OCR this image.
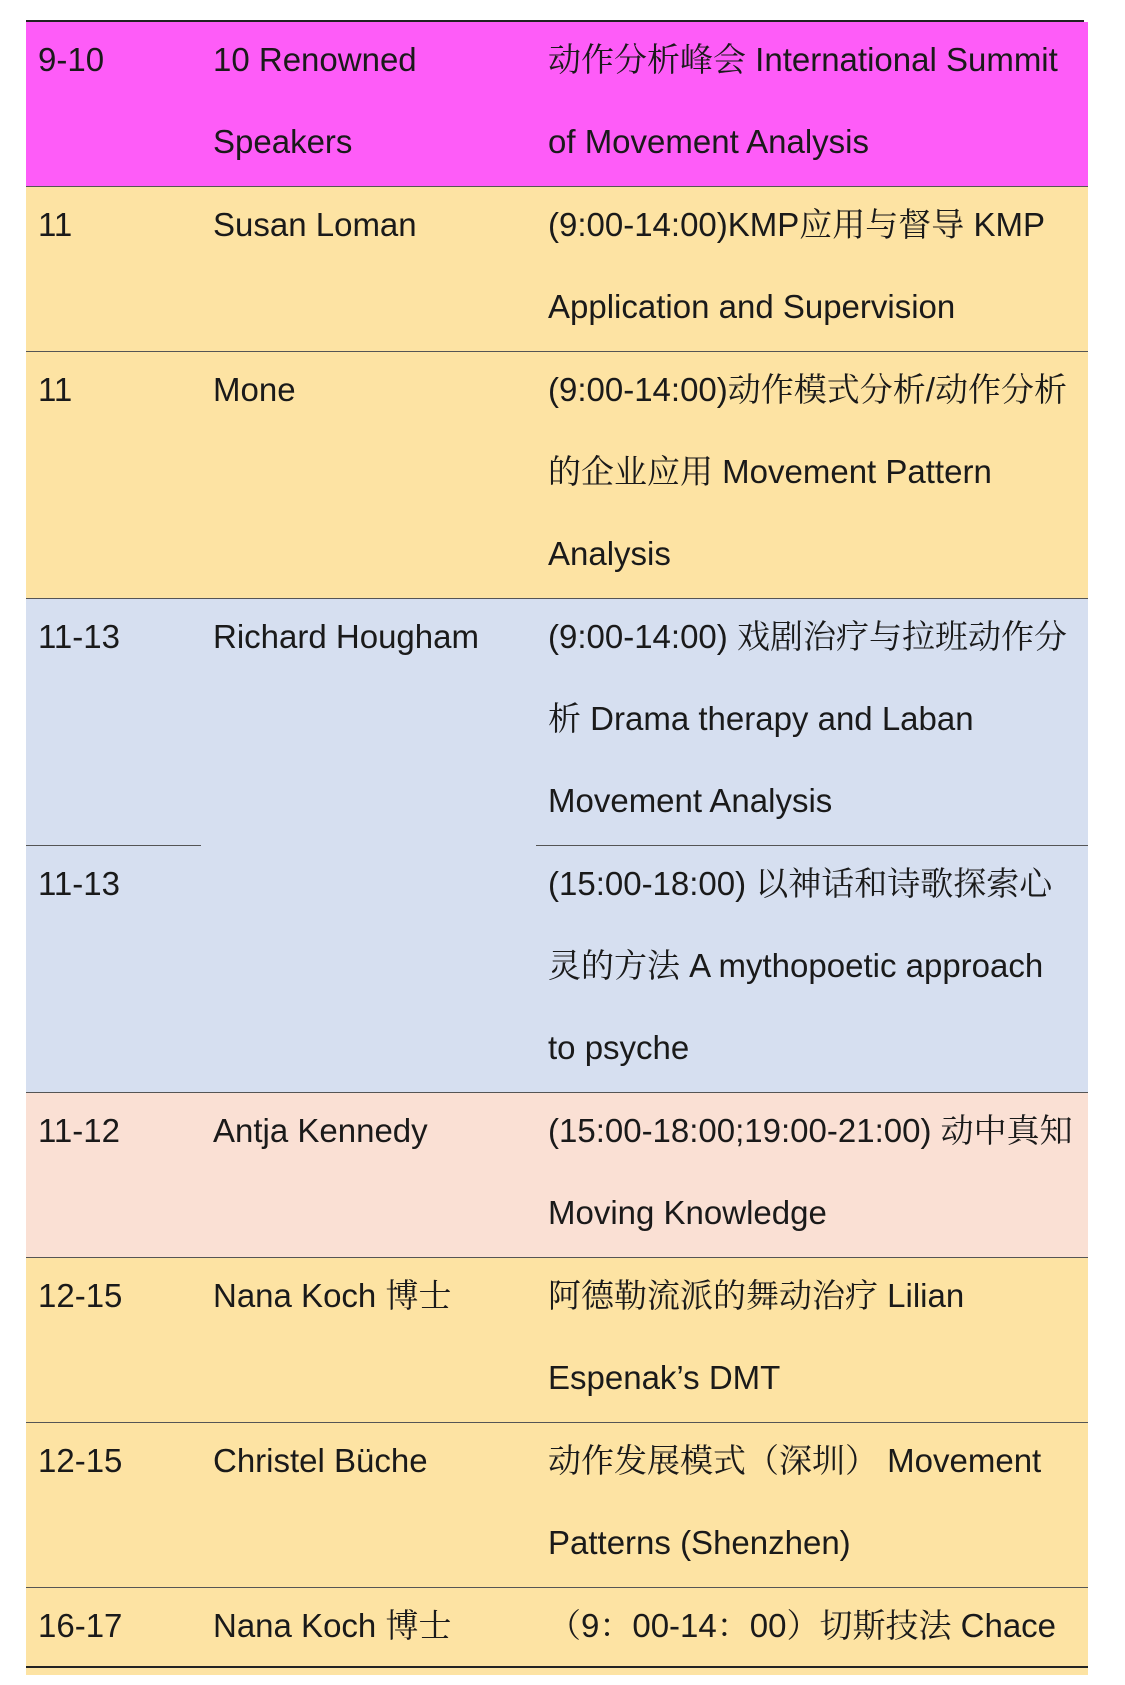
9-10	10 Renowned Speakers	动作分析峰会 International Summit of Movement Analysis

11	Susan Loman	(9:00-14:00)KMP应用与督导 KMP Application and Supervision

11	Mone	(9:00-14:00)动作模式分析/动作分析的企业应用 Movement Pattern Analysis

11-13	Richard Hougham	(9:00-14:00) 戏剧治疗与拉班动作分析 Drama therapy and Laban Movement Analysis

11-13		(15:00-18:00) 以神话和诗歌探索心灵的方法 A mythopoetic approach to psyche

11-12	Antja Kennedy	(15:00-18:00;19:00-21:00) 动中真知 Moving Knowledge

12-15	Nana Koch 博士	阿德勒流派的舞动治疗 Lilian Espenak’s DMT

12-15	Christel Büche	动作发展模式（深圳） Movement Patterns (Shenzhen)

16-17	Nana Koch 博士	（9：00-14：00）切斯技法 Chace
